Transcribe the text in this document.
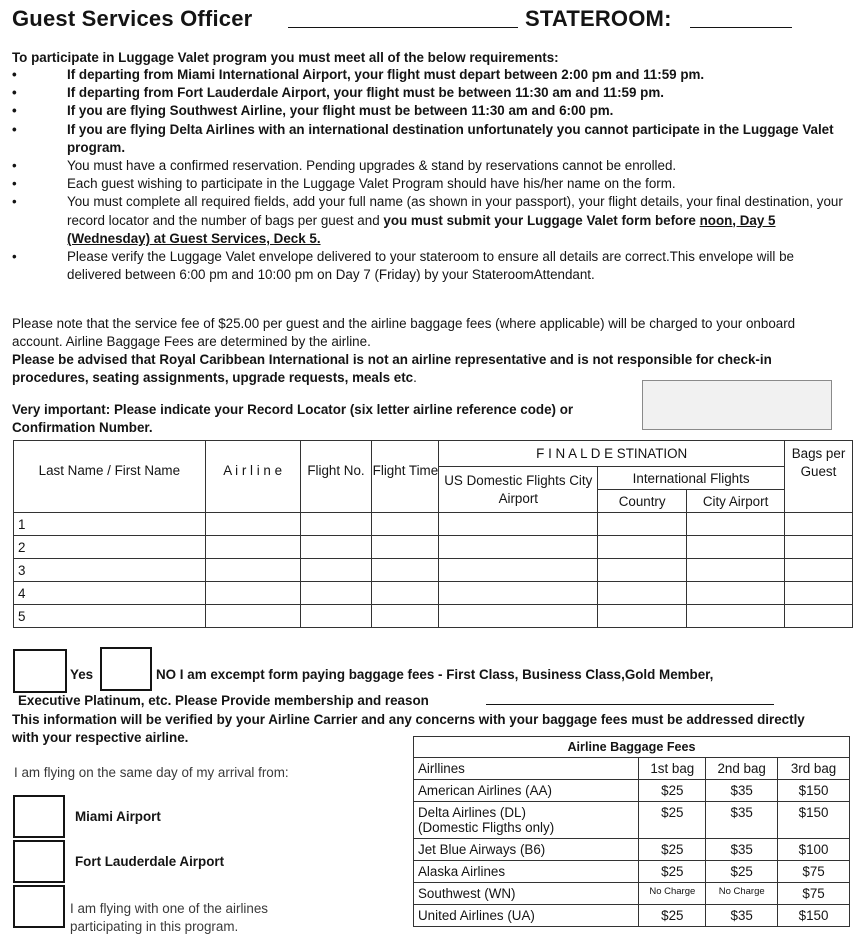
Guest Services Officer	STATEROOM:
To participate in Luggage Valet program you must meet all of the below requirements:
•	If departing from Miami International Airport, your flight must depart between 2:00 pm and 11:59 pm.
•	If departing from Fort Lauderdale Airport, your flight must be between 11:30 am and 11:59 pm.
•	If you are flying Southwest Airline, your flight must be between 11:30 am and 6:00 pm.
•	If you are flying Delta Airlines with an international destination unfortunately you cannot participate in the Luggage Valet program.
•	You must have a confirmed reservation. Pending upgrades & stand by reservations cannot be enrolled.
•	Each guest wishing to participate in the Luggage Valet Program should have his/her name on the form.
•	You must complete all required fields, add your full name (as shown in your passport), your flight details, your final destination, your record locator and the number of bags per guest and you must submit your Luggage Valet form before noon, Day 5 (Wednesday) at Guest Services, Deck 5.
•	Please verify the Luggage Valet envelope delivered to your stateroom to ensure all details are correct.This envelope will be delivered between 6:00 pm and 10:00 pm on Day 7 (Friday) by your StateroomAttendant.
Please note that the service fee of $25.00 per guest and the airline baggage fees (where applicable) will be charged to your onboard account. Airline Baggage Fees are determined by the airline.
Please be advised that Royal Caribbean International is not an airline representative and is not responsible for check-in procedures, seating assignments, upgrade requests, meals etc.
Very important: Please indicate your Record Locator (six letter airline reference code) or Confirmation Number.
Last Name / First Name	A i r l i n e	Flight No.	Flight Time	F I N A L D E STINATION			Bags per Guest
				US Domestic Flights City Airport	International Flights		
					Country	City Airport	
1							
2							
3							
4							
5							
Yes	NO I am excempt form paying baggage fees - First Class, Business Class,Gold Member,
Executive Platinum, etc. Please Provide membership and reason
This information will be verified by your Airline Carrier and any concerns with your baggage fees must be addressed directly with your respective airline.
I am flying on the same day of my arrival from:
Miami Airport
Fort Lauderdale Airport
I am flying with one of the airlines participating in this program.
Airline Baggage Fees			
Airllines	1st bag	2nd bag	3rd bag
American Airlines (AA)	$25	$35	$150

Delta Airlines (DL)
(Domestic Fligths only)	$25	$35	$150
Jet Blue Airways (B6)	$25	$35	$100
Alaska Airlines	$25	$25	$75
Southwest (WN)	No Charge	No Charge	$75
United Airlines (UA)	$25	$35	$150
